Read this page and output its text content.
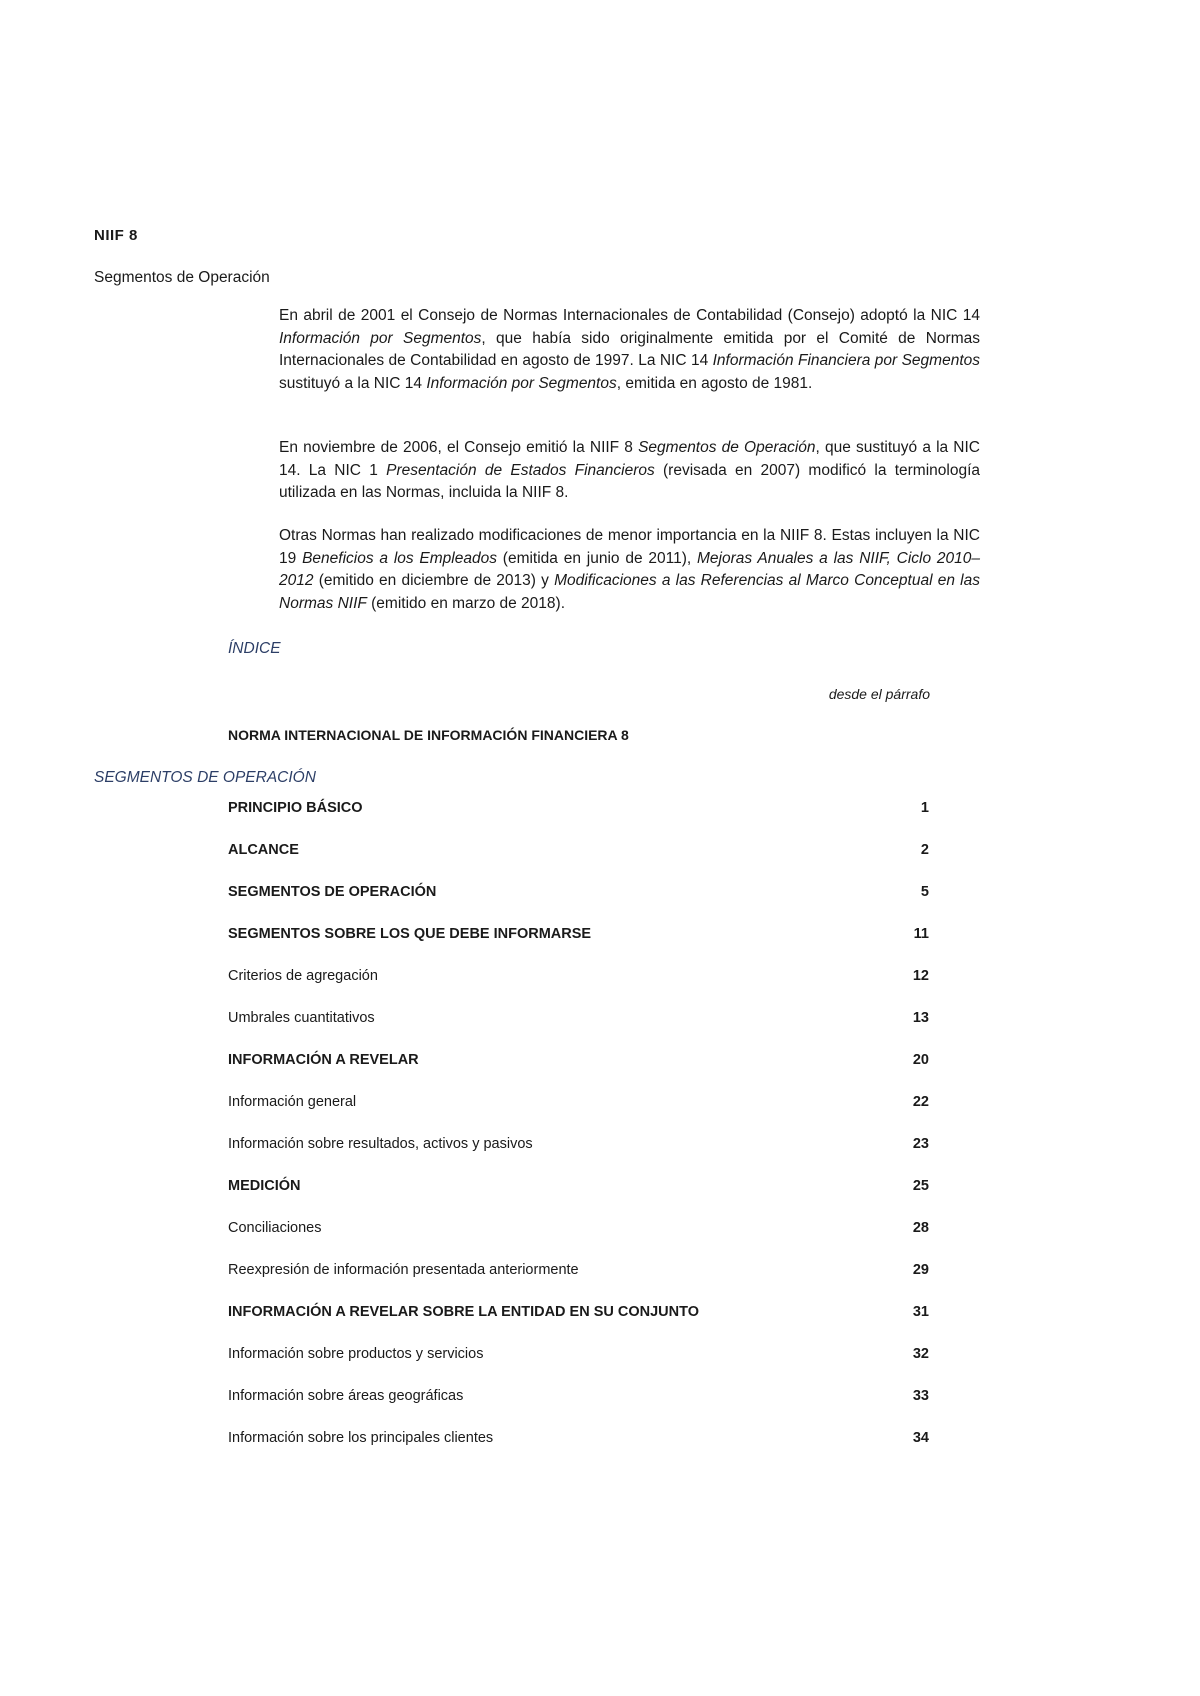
NIIF 8
Segmentos de Operación

En abril de 2001 el Consejo de Normas Internacionales de Contabilidad (Consejo) adoptó la NIC 14 Información por Segmentos, que había sido originalmente emitida por el Comité de Normas Internacionales de Contabilidad en agosto de 1997. La NIC 14 Información Financiera por Segmentos sustituyó a la NIC 14 Información por Segmentos, emitida en agosto de 1981.

En noviembre de 2006, el Consejo emitió la NIIF 8 Segmentos de Operación, que sustituyó a la NIC 14. La NIC 1 Presentación de Estados Financieros (revisada en 2007) modificó la terminología utilizada en las Normas, incluida la NIIF 8.

Otras Normas han realizado modificaciones de menor importancia en la NIIF 8. Estas incluyen la NIC 19 Beneficios a los Empleados (emitida en junio de 2011), Mejoras Anuales a las NIIF, Ciclo 2010–2012 (emitido en diciembre de 2013) y Modificaciones a las Referencias al Marco Conceptual en las Normas NIIF (emitido en marzo de 2018).

ÍNDICE
desde el párrafo
NORMA INTERNACIONAL DE INFORMACIÓN FINANCIERA 8
SEGMENTOS DE OPERACIÓN
PRINCIPIO BÁSICO	1
ALCANCE	2
SEGMENTOS DE OPERACIÓN	5
SEGMENTOS SOBRE LOS QUE DEBE INFORMARSE	11
Criterios de agregación	12
Umbrales cuantitativos	13
INFORMACIÓN A REVELAR	20
Información general	22
Información sobre resultados, activos y pasivos	23
MEDICIÓN	25
Conciliaciones	28
Reexpresión de información presentada anteriormente	29
INFORMACIÓN A REVELAR SOBRE LA ENTIDAD EN SU CONJUNTO	31
Información sobre productos y servicios	32
Información sobre áreas geográficas	33
Información sobre los principales clientes	34
